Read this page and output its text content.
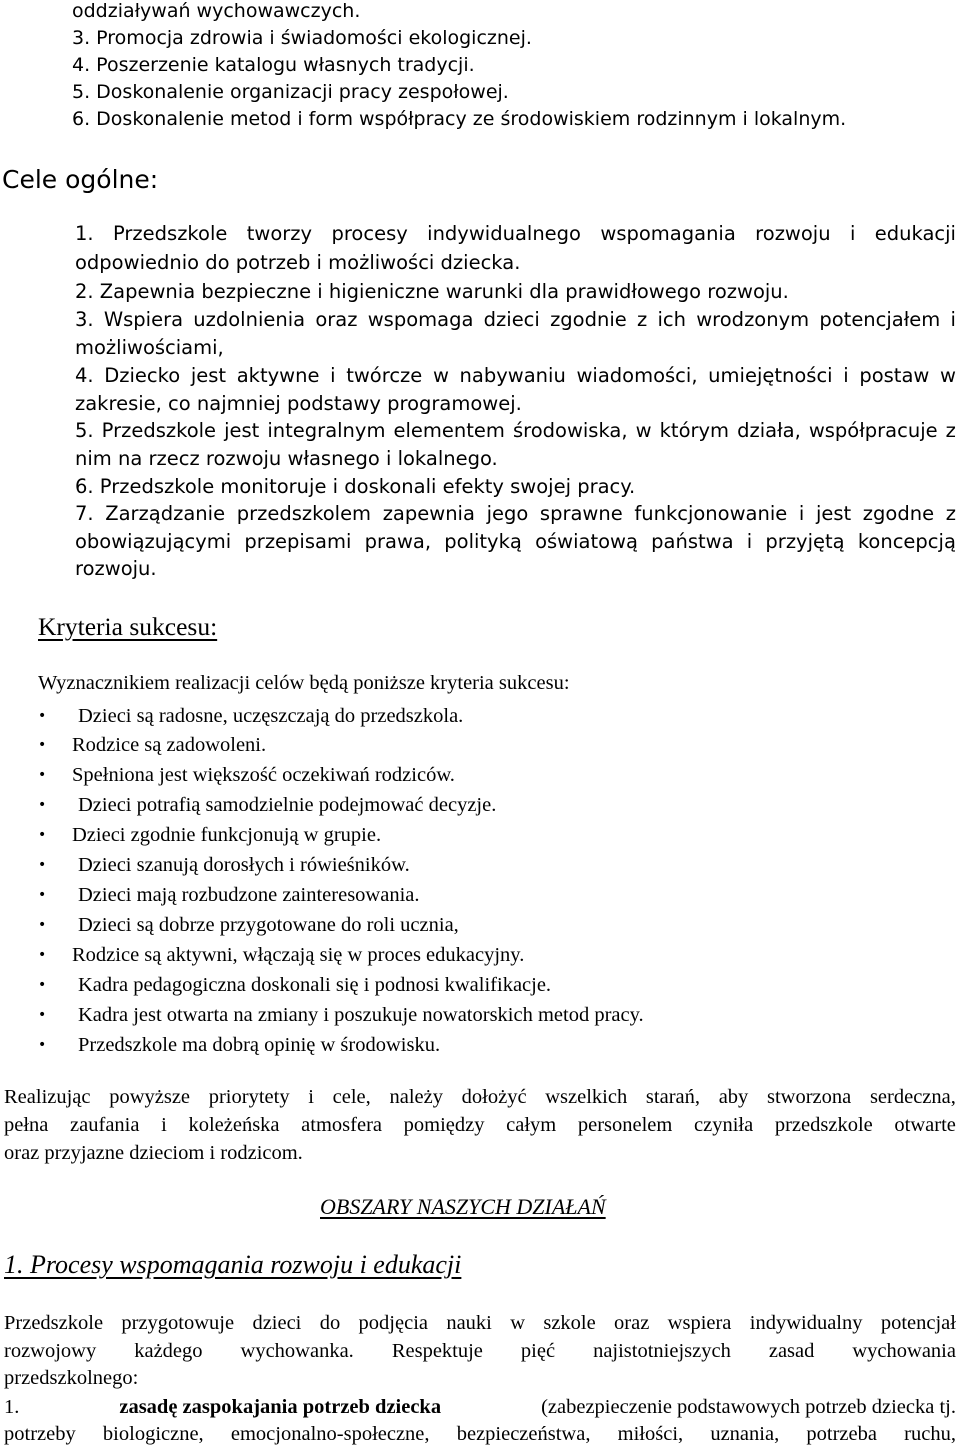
oddziaływań wychowawczych.

3. Promocja zdrowia i świadomości ekologicznej.

4. Poszerzenie katalogu własnych tradycji.

5. Doskonalenie organizacji pracy zespołowej.

6. Doskonalenie metod i form współpracy ze środowiskiem rodzinnym i lokalnym.

Cele ogólne:

1. Przedszkole tworzy procesy indywidualnego wspomagania rozwoju i edukacji

odpowiednio do potrzeb i możliwości dziecka.

2. Zapewnia bezpieczne i higieniczne warunki dla prawidłowego rozwoju.

3. Wspiera uzdolnienia oraz wspomaga dzieci zgodnie z ich wrodzonym potencjałem i

możliwościami,

4. Dziecko jest aktywne i twórcze w nabywaniu wiadomości, umiejętności i postaw w

zakresie, co najmniej podstawy programowej.

5. Przedszkole jest integralnym elementem środowiska, w którym działa, współpracuje z

nim na rzecz rozwoju własnego i lokalnego.

6. Przedszkole monitoruje i doskonali efekty swojej pracy.

7. Zarządzanie przedszkolem zapewnia jego sprawne funkcjonowanie i jest zgodne z

obowiązującymi przepisami prawa, polityką oświatową państwa i przyjętą koncepcją

rozwoju.

Kryteria sukcesu:

Wyznacznikiem realizacji celów będą poniższe kryteria sukcesu:

• Dzieci są radosne, uczęszczają do przedszkola.
• Rodzice są zadowoleni.
• Spełniona jest większość oczekiwań rodziców.
• Dzieci potrafią samodzielnie podejmować decyzje.
• Dzieci zgodnie funkcjonują w grupie.
• Dzieci szanują dorosłych i rówieśników.
• Dzieci mają rozbudzone zainteresowania.
• Dzieci są dobrze przygotowane do roli ucznia,
• Rodzice są aktywni, włączają się w proces edukacyjny.
• Kadra pedagogiczna doskonali się i podnosi kwalifikacje.
• Kadra jest otwarta na zmiany i poszukuje nowatorskich metod pracy.
• Przedszkole ma dobrą opinię w środowisku.

Realizując powyższe priorytety i cele, należy dołożyć wszelkich starań, aby stworzona serdeczna,

pełna zaufania i koleżeńska atmosfera pomiędzy całym personelem czyniła przedszkole otwarte

oraz przyjazne dzieciom i rodzicom.

OBSZARY NASZYCH DZIAŁAŃ
1. Procesy wspomagania rozwoju i edukacji

Przedszkole przygotowuje dzieci do podjęcia nauki w szkole oraz wspiera indywidualny potencjał

rozwojowy każdego wychowanka. Respektuje pięć najistotniejszych zasad wychowania

przedszkolnego:

1.	zasadę zaspokajania potrzeb dziecka	(zabezpieczenie podstawowych potrzeb dziecka tj.

potrzeby biologiczne, emocjonalno-społeczne, bezpieczeństwa, miłości, uznania, potrzeba ruchu,
